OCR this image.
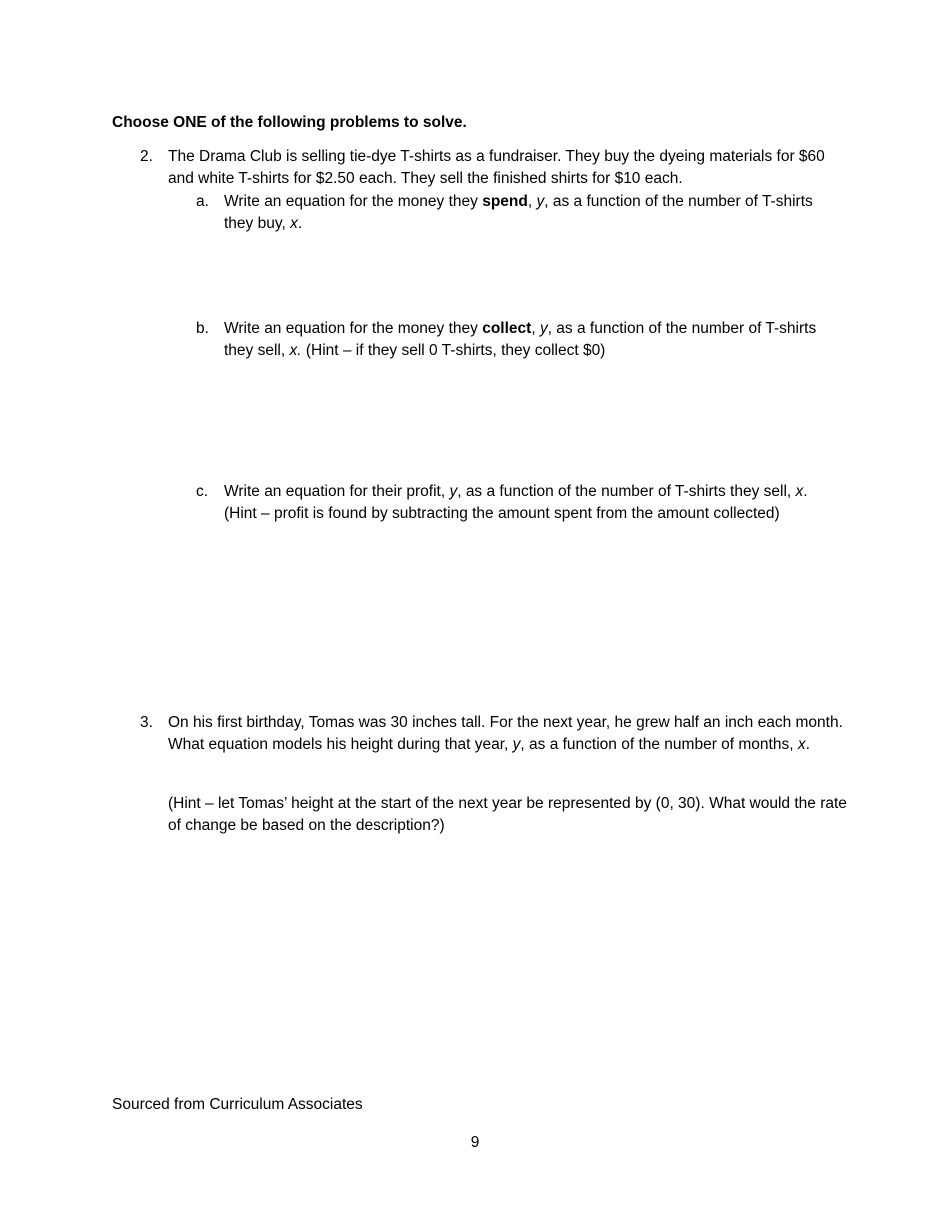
Choose ONE of the following problems to solve.
2. The Drama Club is selling tie-dye T-shirts as a fundraiser. They buy the dyeing materials for $60 and white T-shirts for $2.50 each. They sell the finished shirts for $10 each.
a. Write an equation for the money they spend, y, as a function of the number of T-shirts they buy, x.
b. Write an equation for the money they collect, y, as a function of the number of T-shirts they sell, x. (Hint – if they sell 0 T-shirts, they collect $0)
c.	Write an equation for their profit, y, as a function of the number of T-shirts they sell, x. (Hint – profit is found by subtracting the amount spent from the amount collected)
3. On his first birthday, Tomas was 30 inches tall. For the next year, he grew half an inch each month. What equation models his height during that year, y, as a function of the number of months, x.
(Hint – let Tomas’ height at the start of the next year be represented by (0, 30). What would the rate of change be based on the description?)
Sourced from Curriculum Associates
9
